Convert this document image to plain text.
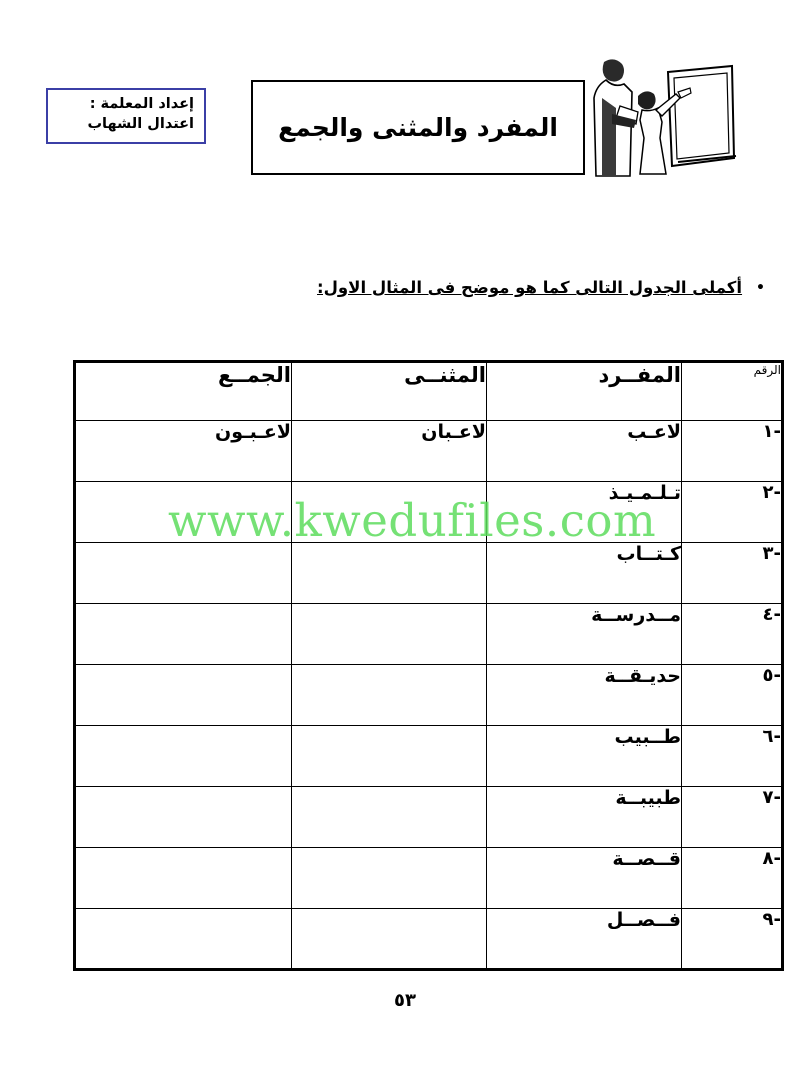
إعداد المعلمة :
اعتدال الشهاب	المفرد والمثنى والجمع
•
أكملى الجدول التالى كما هو موضح فى المثال الاول:
الرقم	المفــرد	المثنــى	الجمــع
١-	لاعـب	لاعـبان	لاعـبـون
٢-	تـلـمـيـذ		
٣-	كـتــاب		
٤-	مــدرســة		
٥-	حديـقــة		
٦-	طــبيب		
٧-	طبيبــة		
٨-	قــصــة		
٩-	فــصــل		
www.kwedufiles.com
٥٣
